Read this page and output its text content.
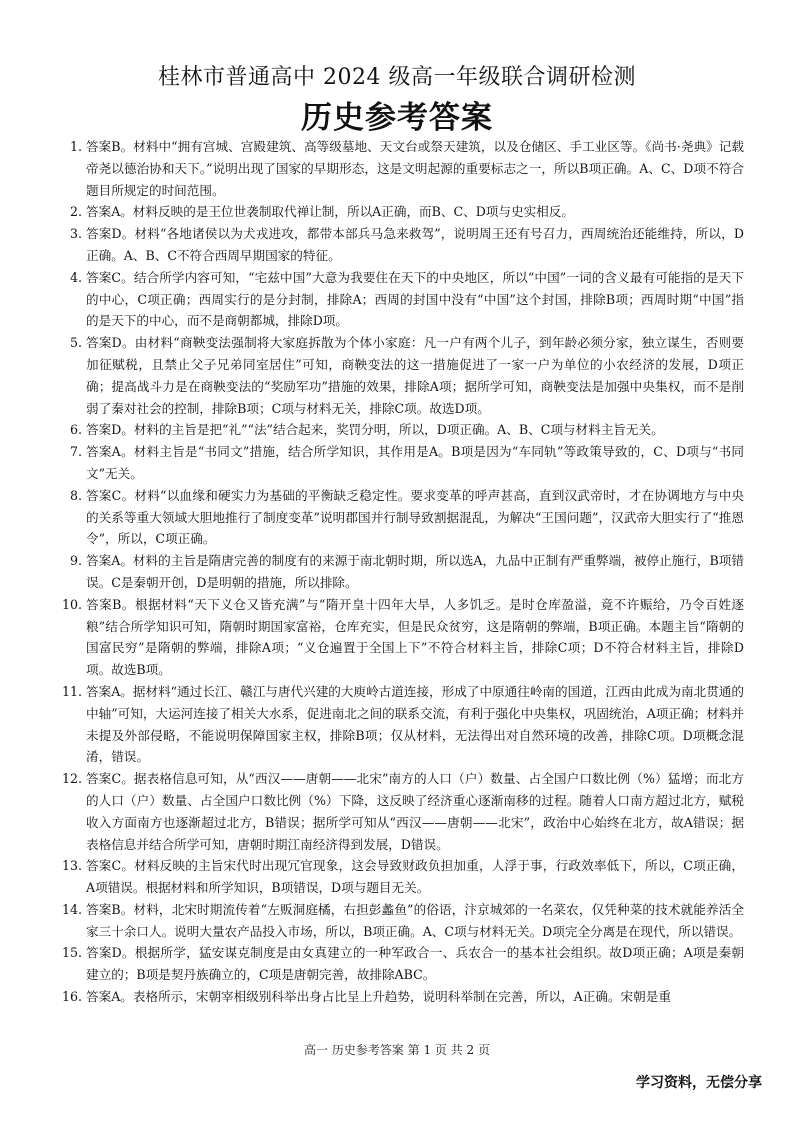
桂林市普通高中 2024 级高一年级联合调研检测
历史参考答案
1. 答案B。材料中“拥有宫城、宫殿建筑、高等级墓地、天文台或祭天建筑，以及仓储区、手工业区等。《尚书·尧典》记载帝尧以德治协和天下。”说明出现了国家的早期形态，这是文明起源的重要标志之一，所以B项正确。A、C、D项不符合题目所规定的时间范围。
2. 答案A。材料反映的是王位世袭制取代禅让制，所以A正确，而B、C、D项与史实相反。
3. 答案D。材料“各地诸侯以为犬戎进攻，都带本部兵马急来救驾”，说明周王还有号召力，西周统治还能维持，所以，D正确。A、B、C不符合西周早期国家的特征。
4. 答案C。结合所学内容可知，“宅兹中国”大意为我要住在天下的中央地区，所以“中国”一词的含义最有可能指的是天下的中心，C项正确；西周实行的是分封制，排除A；西周的封国中没有“中国”这个封国，排除B项；西周时期“中国”指的是天下的中心，而不是商朝都城，排除D项。
5. 答案D。由材料“商鞅变法强制将大家庭拆散为个体小家庭：凡一户有两个儿子，到年龄必须分家，独立谋生，否则要加征赋税，且禁止父子兄弟同室居住”可知，商鞅变法的这一措施促进了一家一户为单位的小农经济的发展，D项正确；提高战斗力是在商鞅变法的“奖励军功”措施的效果，排除A项；据所学可知，商鞅变法是加强中央集权，而不是削弱了秦对社会的控制，排除B项；C项与材料无关，排除C项。故选D项。
6. 答案D。材料的主旨是把“礼”“法”结合起来，奖罚分明，所以，D项正确。A、B、C项与材料主旨无关。
7. 答案A。材料主旨是“书同文”措施，结合所学知识，其作用是A。B项是因为“车同轨”等政策导致的，C、D项与“书同文”无关。
8. 答案C。材料“以血缘和硬实力为基础的平衡缺乏稳定性。要求变革的呼声甚高，直到汉武帝时，才在协调地方与中央的关系等重大领域大胆地推行了制度变革”说明郡国并行制导致割据混乱，为解决“王国问题”，汉武帝大胆实行了“推恩令”，所以，C项正确。
9. 答案A。材料的主旨是隋唐完善的制度有的来源于南北朝时期，所以选A，九品中正制有严重弊端，被停止施行，B项错误。C是秦朝开创，D是明朝的措施，所以排除。
10. 答案B。根据材料“天下义仓又皆充满”与“隋开皇十四年大旱，人多饥乏。是时仓库盈溢，竟不许赈给，乃令百姓逐粮”结合所学知识可知，隋朝时期国家富裕，仓库充实，但是民众贫穷，这是隋朝的弊端，B项正确。本题主旨“隋朝的国富民穷”是隋朝的弊端，排除A项；“义仓遍置于全国上下”不符合材料主旨，排除C项；D不符合材料主旨，排除D项。故选B项。
11. 答案A。据材料“通过长江、赣江与唐代兴建的大庾岭古道连接，形成了中原通往岭南的国道，江西由此成为南北贯通的中轴”可知，大运河连接了相关大水系，促进南北之间的联系交流，有利于强化中央集权，巩固统治，A项正确；材料并未提及外部侵略，不能说明保障国家主权，排除B项；仅从材料，无法得出对自然环境的改善，排除C项。D项概念混淆，错误。
12. 答案C。据表格信息可知，从“西汉——唐朝——北宋”南方的人口（户）数量、占全国户口数比例（%）猛增；而北方的人口（户）数量、占全国户口数比例（%）下降，这反映了经济重心逐渐南移的过程。随着人口南方超过北方，赋税收入方面南方也逐渐超过北方，B错误；据所学可知从“西汉——唐朝——北宋”，政治中心始终在北方，故A错误；据表格信息并结合所学可知，唐朝时期江南经济得到发展，D错误。
13. 答案C。材料反映的主旨宋代时出现冗官现象，这会导致财政负担加重，人浮于事，行政效率低下，所以，C项正确，A项错误。根据材料和所学知识，B项错误，D项与题目无关。
14. 答案B。材料，北宋时期流传着“左贩洞庭橘，右担彭蠡鱼”的俗语，汴京城郊的一名菜农，仅凭种菜的技术就能养活全家三十余口人。说明大量农产品投入市场，所以，B项正确。A、C项与材料无关。D项完全分离是在现代，所以错误。
15. 答案D。根据所学，猛安谋克制度是由女真建立的一种军政合一、兵农合一的基本社会组织。故D项正确；A项是秦朝建立的；B项是契丹族确立的，C项是唐朝完善，故排除ABC。
16. 答案A。表格所示，宋朝宰相级别科举出身占比呈上升趋势，说明科举制在完善，所以，A正确。宋朝是重
高一 历史参考答案 第 1 页 共 2 页
学习资料，无偿分享
